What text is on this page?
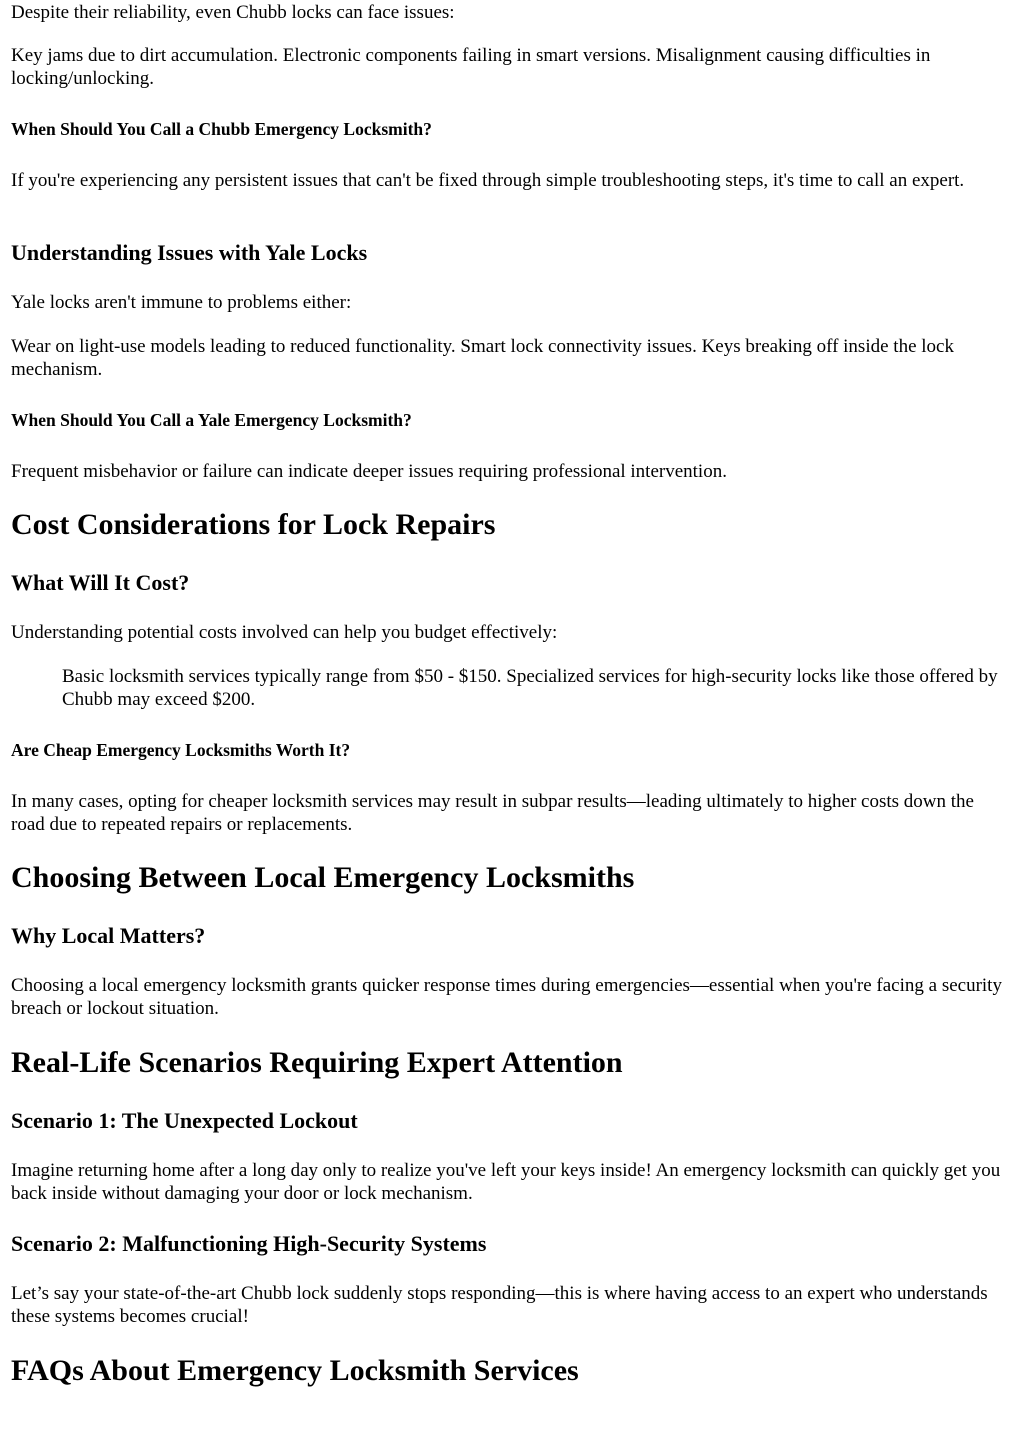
Despite their reliability, even Chubb locks can face issues:

Key jams due to dirt accumulation. Electronic components failing in smart versions. Misalignment causing difficulties in locking/unlocking.

When Should You Call a Chubb Emergency Locksmith?

If you're experiencing any persistent issues that can't be fixed through simple troubleshooting steps, it's time to call an expert.

Understanding Issues with Yale Locks

Yale locks aren't immune to problems either:

Wear on light-use models leading to reduced functionality. Smart lock connectivity issues. Keys breaking off inside the lock mechanism.

When Should You Call a Yale Emergency Locksmith?

Frequent misbehavior or failure can indicate deeper issues requiring professional intervention.

Cost Considerations for Lock Repairs
What Will It Cost?

Understanding potential costs involved can help you budget effectively:

Basic locksmith services typically range from $50 - $150. Specialized services for high-security locks like those offered by Chubb may exceed $200.
Are Cheap Emergency Locksmiths Worth It?

In many cases, opting for cheaper locksmith services may result in subpar results—leading ultimately to higher costs down the road due to repeated repairs or replacements.

Choosing Between Local Emergency Locksmiths
Why Local Matters?

Choosing a local emergency locksmith grants quicker response times during emergencies—essential when you're facing a security breach or lockout situation.

Real-Life Scenarios Requiring Expert Attention
Scenario 1: The Unexpected Lockout

Imagine returning home after a long day only to realize you've left your keys inside! An emergency locksmith can quickly get you back inside without damaging your door or lock mechanism.

Scenario 2: Malfunctioning High-Security Systems

Let’s say your state-of-the-art Chubb lock suddenly stops responding—this is where having access to an expert who understands these systems becomes crucial!

FAQs About Emergency Locksmith Services
